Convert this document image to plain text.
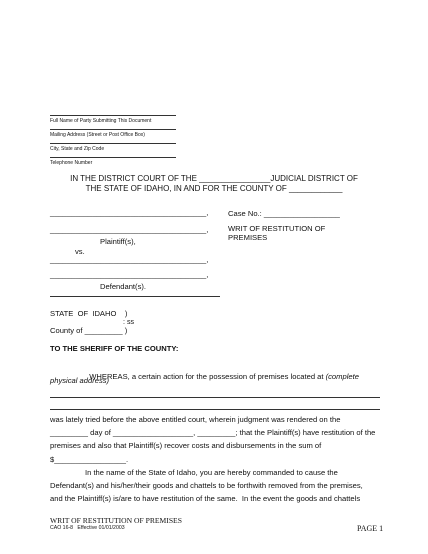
Full Name of Party Submitting This Document
Mailing Address (Street or Post Office Box)
City, State and Zip Code
Telephone Number
IN THE DISTRICT COURT OF THE ________________JUDICIAL DISTRICT OF
THE STATE OF IDAHO, IN AND FOR THE COUNTY OF ____________
_____________________________________,
_____________________________________,
Plaintiff(s),
vs.
_____________________________________,
_____________________________________,
Defendant(s).
Case No.: __________________
WRIT OF RESTITUTION OF
PREMISES
STATE  OF  IDAHO    )
: ss
County of _________ )
TO THE SHERIFF OF THE COUNTY:

WHEREAS, a certain action for the possession of premises located at (complete

physical address)
was lately tried before the above entitled court, wherein judgment was rendered on the
_________ day of ___________________, _________; that the Plaintiff(s) have restitution of the
premises and also that Plaintiff(s) recover costs and disbursements in the sum of
$_________________.
In the name of the State of Idaho, you are hereby commanded to cause the
Defendant(s) and his/her/their goods and chattels to be forthwith removed from the premises,
and the Plaintiff(s) is/are to have restitution of the same.  In the event the goods and chattels
WRIT OF RESTITUTION OF PREMISES

PAGE 1

CAO 16-8   Effective 01/01/2003
